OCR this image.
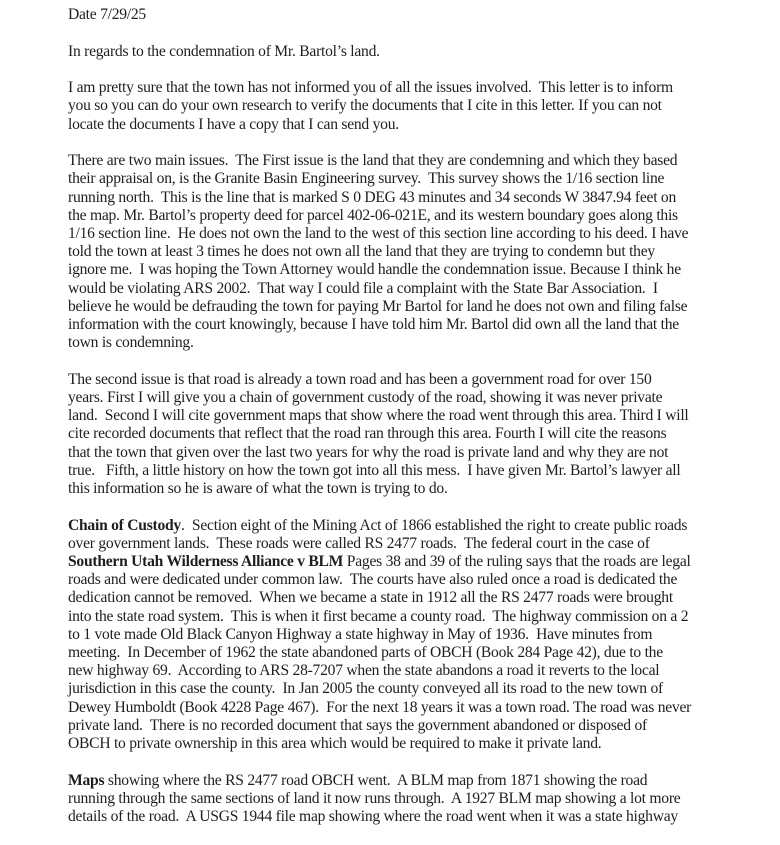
Date 7/29/25

In regards to the condemnation of Mr. Bartol’s land.

I am pretty sure that the town has not informed you of all the issues involved.  This letter is to inform
you so you can do your own research to verify the documents that I cite in this letter. If you can not
locate the documents I have a copy that I can send you.

There are two main issues.  The First issue is the land that they are condemning and which they based
their appraisal on, is the Granite Basin Engineering survey.  This survey shows the 1/16 section line
running north.  This is the line that is marked S 0 DEG 43 minutes and 34 seconds W 3847.94 feet on
the map. Mr. Bartol’s property deed for parcel 402-06-021E, and its western boundary goes along this
1/16 section line.  He does not own the land to the west of this section line according to his deed. I have
told the town at least 3 times he does not own all the land that they are trying to condemn but they
ignore me.  I was hoping the Town Attorney would handle the condemnation issue. Because I think he
would be violating ARS 2002.  That way I could file a complaint with the State Bar Association.  I
believe he would be defrauding the town for paying Mr Bartol for land he does not own and filing false
information with the court knowingly, because I have told him Mr. Bartol did own all the land that the
town is condemning.

The second issue is that road is already a town road and has been a government road for over 150
years. First I will give you a chain of government custody of the road, showing it was never private
land.  Second I will cite government maps that show where the road went through this area. Third I will
cite recorded documents that reflect that the road ran through this area. Fourth I will cite the reasons
that the town that given over the last two years for why the road is private land and why they are not
true.   Fifth, a little history on how the town got into all this mess.  I have given Mr. Bartol’s lawyer all
this information so he is aware of what the town is trying to do.

Chain of Custody.  Section eight of the Mining Act of 1866 established the right to create public roads
over government lands.  These roads were called RS 2477 roads.  The federal court in the case of
Southern Utah Wilderness Alliance v BLM Pages 38 and 39 of the ruling says that the roads are legal
roads and were dedicated under common law.  The courts have also ruled once a road is dedicated the
dedication cannot be removed.  When we became a state in 1912 all the RS 2477 roads were brought
into the state road system.  This is when it first became a county road.  The highway commission on a 2
to 1 vote made Old Black Canyon Highway a state highway in May of 1936.  Have minutes from
meeting.  In December of 1962 the state abandoned parts of OBCH (Book 284 Page 42), due to the
new highway 69.  According to ARS 28-7207 when the state abandons a road it reverts to the local
jurisdiction in this case the county.  In Jan 2005 the county conveyed all its road to the new town of
Dewey Humboldt (Book 4228 Page 467).  For the next 18 years it was a town road. The road was never
private land.  There is no recorded document that says the government abandoned or disposed of
OBCH to private ownership in this area which would be required to make it private land.

Maps showing where the RS 2477 road OBCH went.  A BLM map from 1871 showing the road
running through the same sections of land it now runs through.  A 1927 BLM map showing a lot more
details of the road.  A USGS 1944 file map showing where the road went when it was a state highway
